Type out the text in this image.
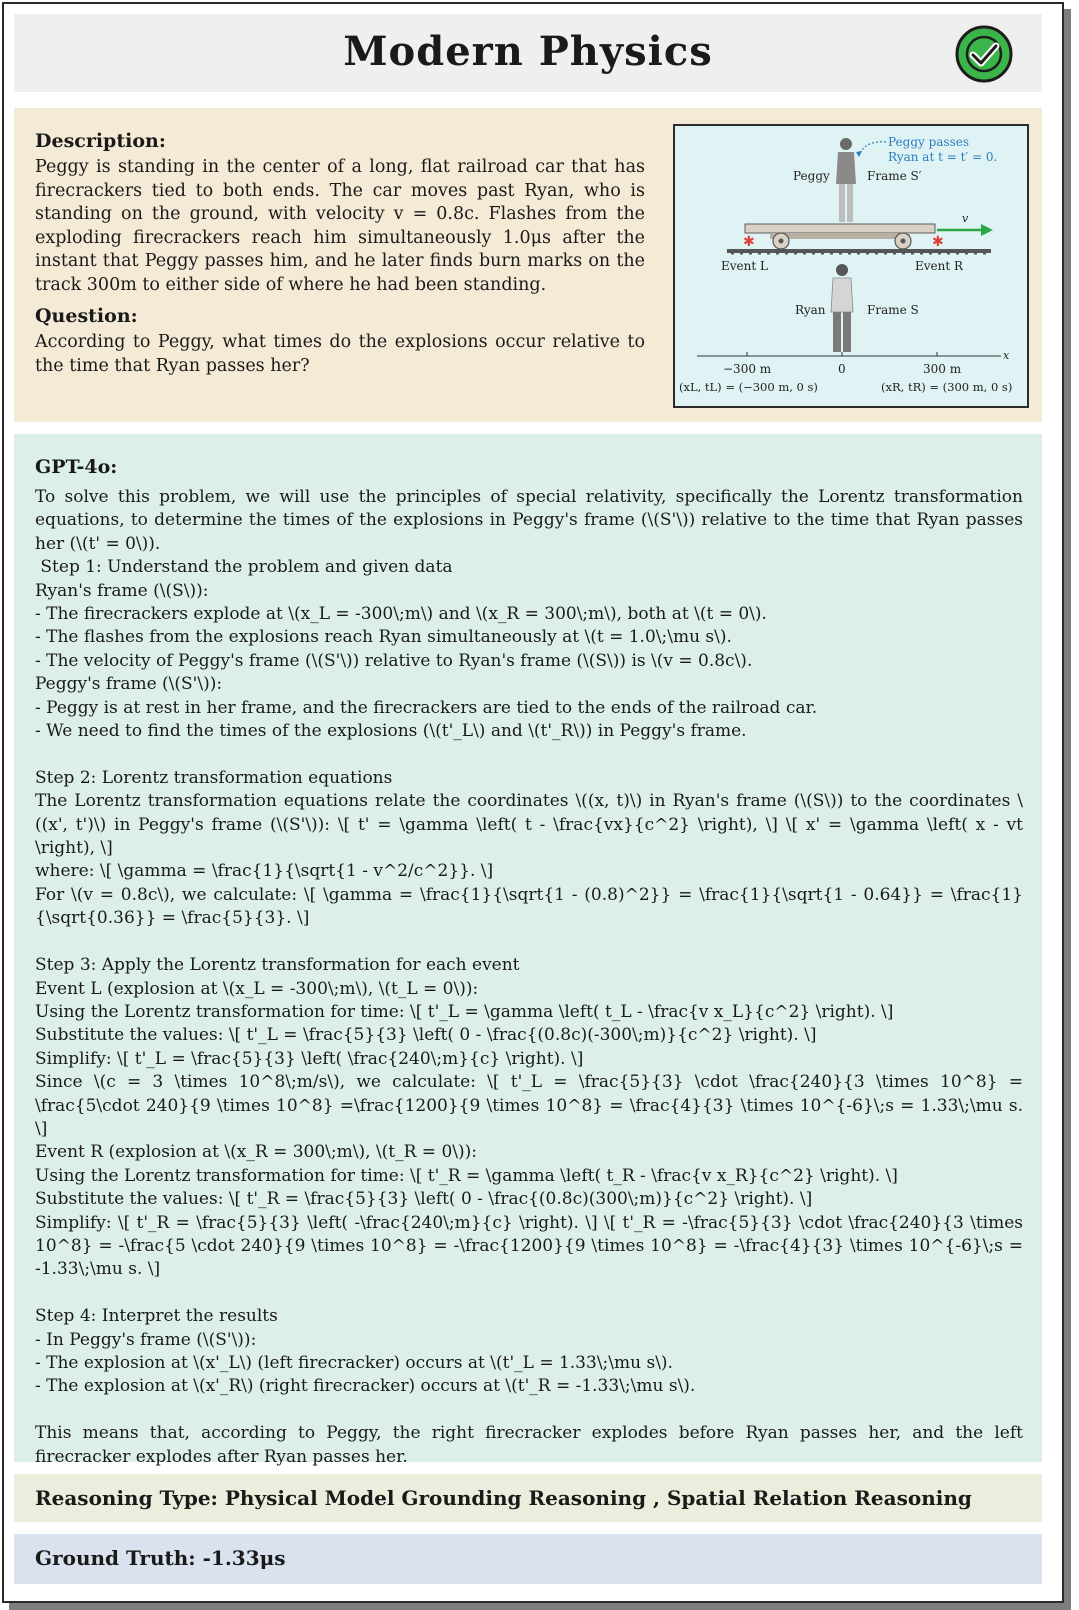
Modern Physics
Description:
Peggy is standing in the center of a long, flat railroad car that has firecrackers tied to both ends. The car moves past Ryan, who is standing on the ground, with velocity v = 0.8c. Flashes from the exploding firecrackers reach him simultaneously 1.0μs after the instant that Peggy passes him, and he later finds burn marks on the track 300m to either side of where he had been standing.
Question:
According to Peggy, what times do the explosions occur relative to the time that Ryan passes her?
Peggy passes
Ryan at t = t′ = 0.
Peggy	Frame S′
v
✱	✱
Event L	Event R
Ryan	Frame S
x
−300 m	0	300 m
(xL, tL) = (−300 m, 0 s)	(xR, tR) = (300 m, 0 s)
GPT-4o:
To solve this problem, we will use the principles of special relativity, specifically the Lorentz transformation equations, to determine the times of the explosions in Peggy's frame (\(S'\)) relative to the time that Ryan passes her (\(t' = 0\)).
Step 1: Understand the problem and given data
Ryan's frame (\(S\)):
- The firecrackers explode at \(x_L = -300\;m\) and \(x_R = 300\;m\), both at \(t = 0\).
- The flashes from the explosions reach Ryan simultaneously at \(t = 1.0\;\mu s\).
- The velocity of Peggy's frame (\(S'\)) relative to Ryan's frame (\(S\)) is \(v = 0.8c\).
Peggy's frame (\(S'\)):
- Peggy is at rest in her frame, and the firecrackers are tied to the ends of the railroad car.
- We need to find the times of the explosions (\(t'_L\) and \(t'_R\)) in Peggy's frame.
Step 2: Lorentz transformation equations
The Lorentz transformation equations relate the coordinates \((x, t)\) in Ryan's frame (\(S\)) to the coordinates \((x', t')\) in Peggy's frame (\(S'\)): \[ t' = \gamma \left( t - \frac{vx}{c^2} \right), \] \[ x' = \gamma \left( x - vt \right), \]
where: \[ \gamma = \frac{1}{\sqrt{1 - v^2/c^2}}. \]
For \(v = 0.8c\), we calculate: \[ \gamma = \frac{1}{\sqrt{1 - (0.8)^2}} = \frac{1}{\sqrt{1 - 0.64}} = \frac{1}{\sqrt{0.36}} = \frac{5}{3}. \]
Step 3: Apply the Lorentz transformation for each event
Event L (explosion at \(x_L = -300\;m\), \(t_L = 0\)):
Using the Lorentz transformation for time: \[ t'_L = \gamma \left( t_L - \frac{v x_L}{c^2} \right). \]
Substitute the values: \[ t'_L = \frac{5}{3} \left( 0 - \frac{(0.8c)(-300\;m)}{c^2} \right). \]
Simplify: \[ t'_L = \frac{5}{3} \left( \frac{240\;m}{c} \right). \]
Since \(c = 3 \times 10^8\;m/s\), we calculate: \[ t'_L = \frac{5}{3} \cdot \frac{240}{3 \times 10^8} = \frac{5\cdot 240}{9 \times 10^8} =\frac{1200}{9 \times 10^8} = \frac{4}{3} \times 10^{-6}\;s = 1.33\;\mu s. \]
Event R (explosion at \(x_R = 300\;m\), \(t_R = 0\)):
Using the Lorentz transformation for time: \[ t'_R = \gamma \left( t_R - \frac{v x_R}{c^2} \right). \]
Substitute the values: \[ t'_R = \frac{5}{3} \left( 0 - \frac{(0.8c)(300\;m)}{c^2} \right). \]
Simplify: \[ t'_R = \frac{5}{3} \left( -\frac{240\;m}{c} \right). \] \[ t'_R = -\frac{5}{3} \cdot \frac{240}{3 \times 10^8} = -\frac{5 \cdot 240}{9 \times 10^8} = -\frac{1200}{9 \times 10^8} = -\frac{4}{3} \times 10^{-6}\;s = -1.33\;\mu s. \]
Step 4: Interpret the results
- In Peggy's frame (\(S'\)):
- The explosion at \(x'_L\) (left firecracker) occurs at \(t'_L = 1.33\;\mu s\).
- The explosion at \(x'_R\) (right firecracker) occurs at \(t'_R = -1.33\;\mu s\).
This means that, according to Peggy, the right firecracker explodes before Ryan passes her, and the left firecracker explodes after Ryan passes her.
Reasoning Type: Physical Model Grounding Reasoning , Spatial Relation Reasoning
Ground Truth: -1.33μs
